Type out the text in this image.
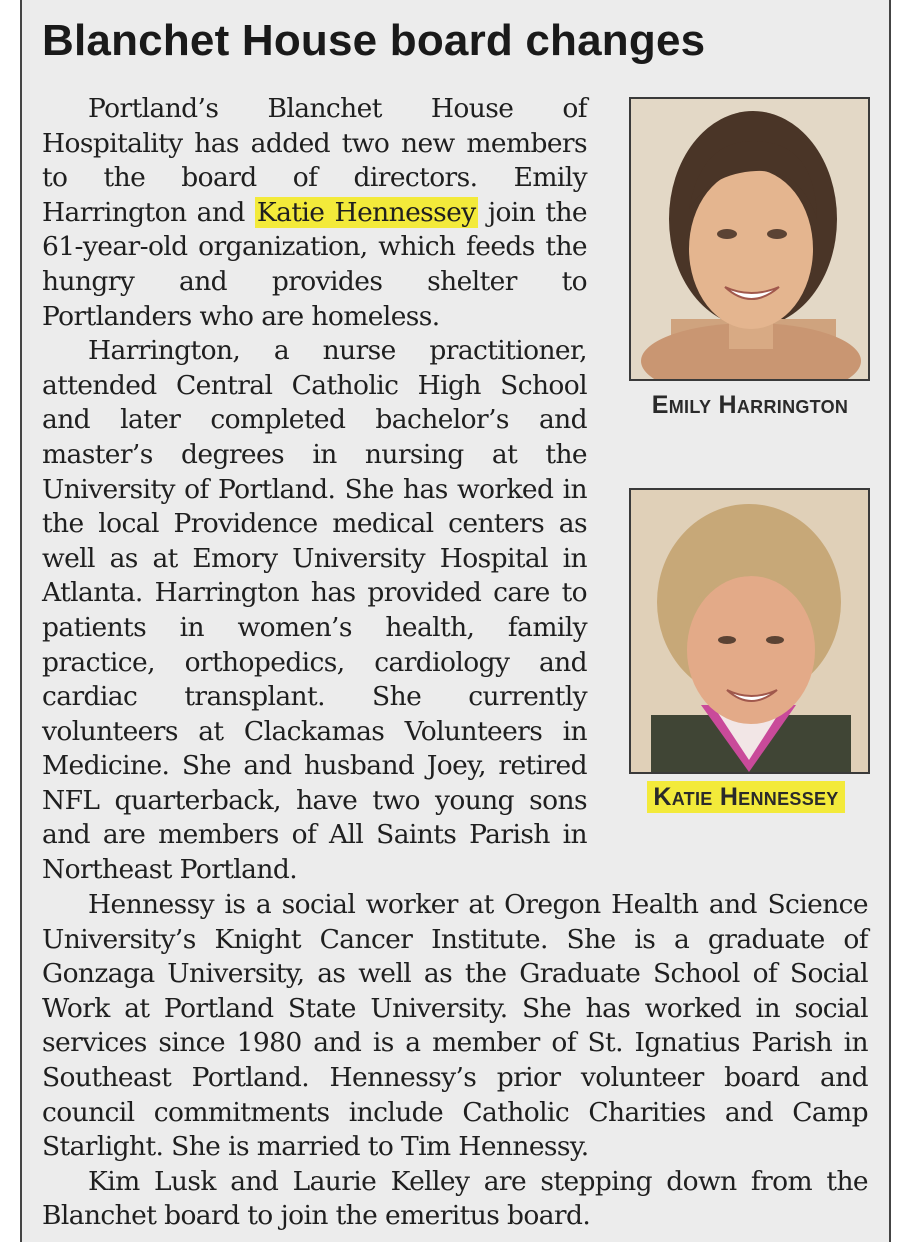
Blanchet House board changes

Portland’s Blanchet House of Hospitality has added two new members to the board of directors. Emily Harrington and Katie Hennessey join the 61-year-old organization, which feeds the hungry and provides shelter to Portlanders who are homeless.

Harrington, a nurse practitioner, attended Central Catholic High School and later completed bachelor’s and master’s degrees in nursing at the University of Portland. She has worked in the local Providence medical centers as well as at Emory University Hospital in Atlanta. Harrington has provided care to patients in women’s health, family practice, orthopedics, cardiology and cardiac transplant. She currently volunteers at Clackamas Volunteers in Medicine. She and husband Joey, retired NFL quarterback, have two young sons and are members of All Saints Parish in Northeast Portland.

Emily Harrington
Katie Hennessey

Hennessy is a social worker at Oregon Health and Science University’s Knight Cancer Institute. She is a graduate of Gonzaga University, as well as the Graduate School of Social Work at Portland State University. She has worked in social services since 1980 and is a member of St. Ignatius Parish in Southeast Portland. Hennessy’s prior volunteer board and council commitments include Catholic Charities and Camp Starlight. She is married to Tim Hennessy.

Kim Lusk and Laurie Kelley are stepping down from the Blanchet board to join the emeritus board.
